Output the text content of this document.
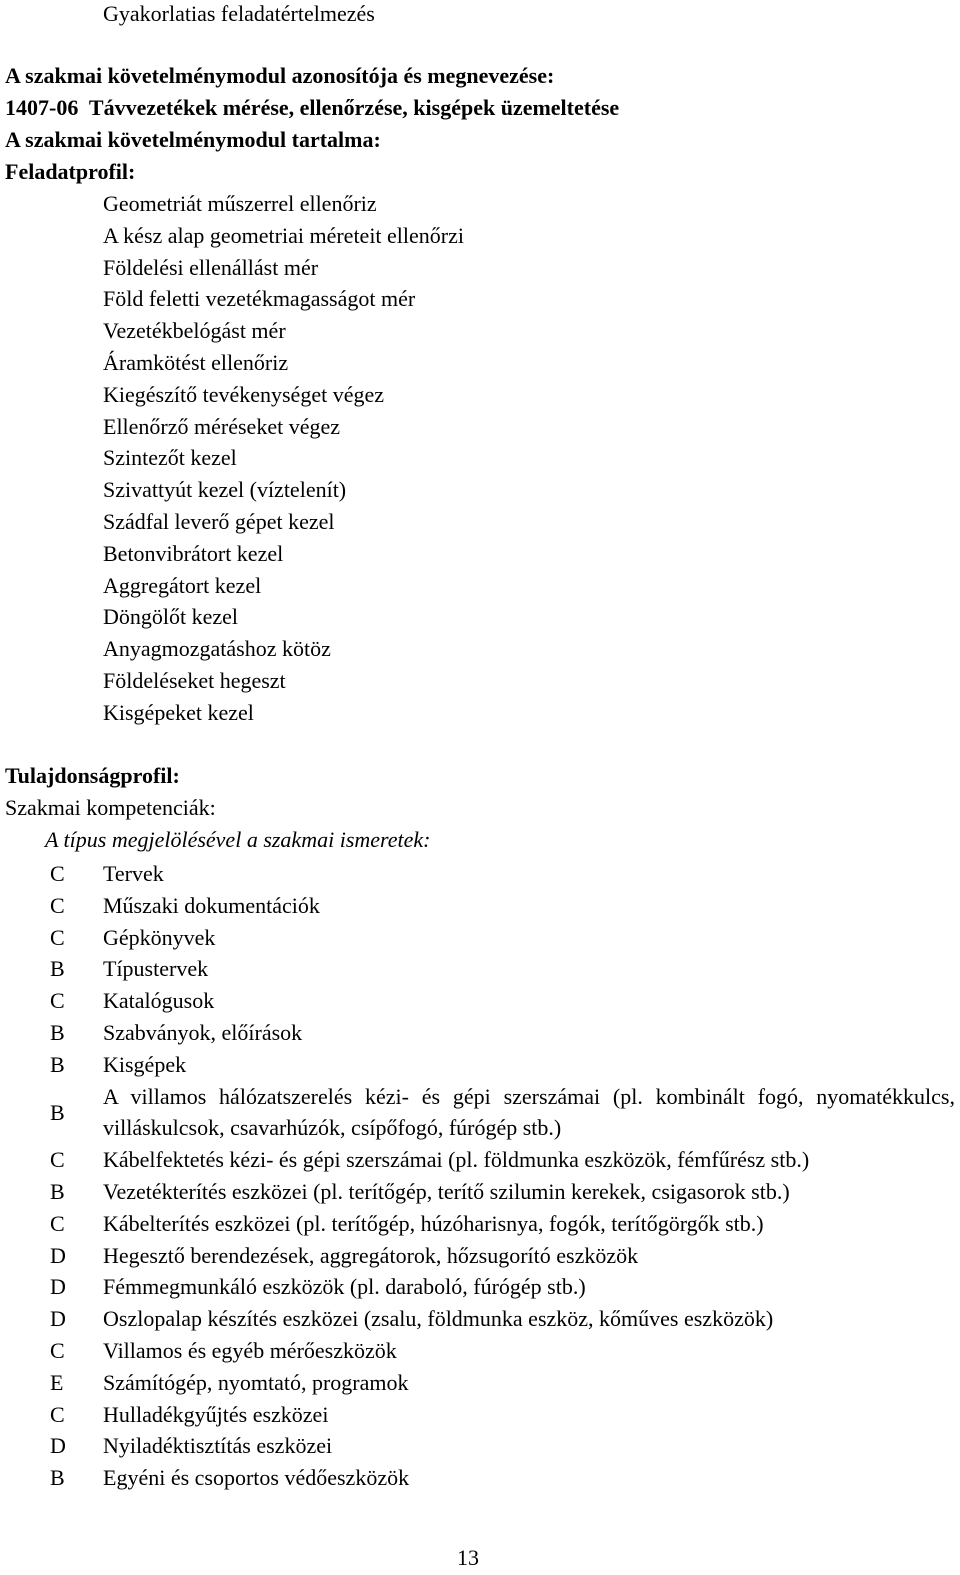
Gyakorlatias feladatértelmezés
A szakmai követelménymodul azonosítója és megnevezése:
1407-06  Távvezetékek mérése, ellenőrzése, kisgépek üzemeltetése
A szakmai követelménymodul tartalma:
Feladatprofil:
Geometriát műszerrel ellenőriz
A kész alap geometriai méreteit ellenőrzi
Földelési ellenállást mér
Föld feletti vezetékmagasságot mér
Vezetékbelógást mér
Áramkötést ellenőriz
Kiegészítő tevékenységet végez
Ellenőrző méréseket végez
Szintezőt kezel
Szivattyút kezel (víztelenít)
Szádfal leverő gépet kezel
Betonvibrátort kezel
Aggregátort kezel
Döngölőt kezel
Anyagmozgatáshoz kötöz
Földeléseket hegeszt
Kisgépeket kezel
Tulajdonságprofil:
Szakmai kompetenciák:
A típus megjelölésével a szakmai ismeretek:
C Tervek
C Műszaki dokumentációk
C Gépkönyvek
B Típustervek
C Katalógusok
B Szabványok, előírások
B Kisgépek
B
A villamos hálózatszerelés kézi- és gépi szerszámai (pl. kombinált fogó, nyomatékkulcs, villáskulcsok, csavarhúzók, csípőfogó, fúrógép stb.)
C Kábelfektetés kézi- és gépi szerszámai (pl. földmunka eszközök, fémfűrész stb.)
B Vezetékterítés eszközei (pl. terítőgép, terítő szilumin kerekek, csigasorok stb.)
C Kábelterítés eszközei (pl. terítőgép, húzóharisnya, fogók, terítőgörgők stb.)
D Hegesztő berendezések, aggregátorok, hőzsugorító eszközök
D Fémmegmunkáló eszközök (pl. daraboló, fúrógép stb.)
D Oszlopalap készítés eszközei (zsalu, földmunka eszköz, kőműves eszközök)
C Villamos és egyéb mérőeszközök
E Számítógép, nyomtató, programok
C Hulladékgyűjtés eszközei
D Nyiladéktisztítás eszközei
B Egyéni és csoportos védőeszközök
13
